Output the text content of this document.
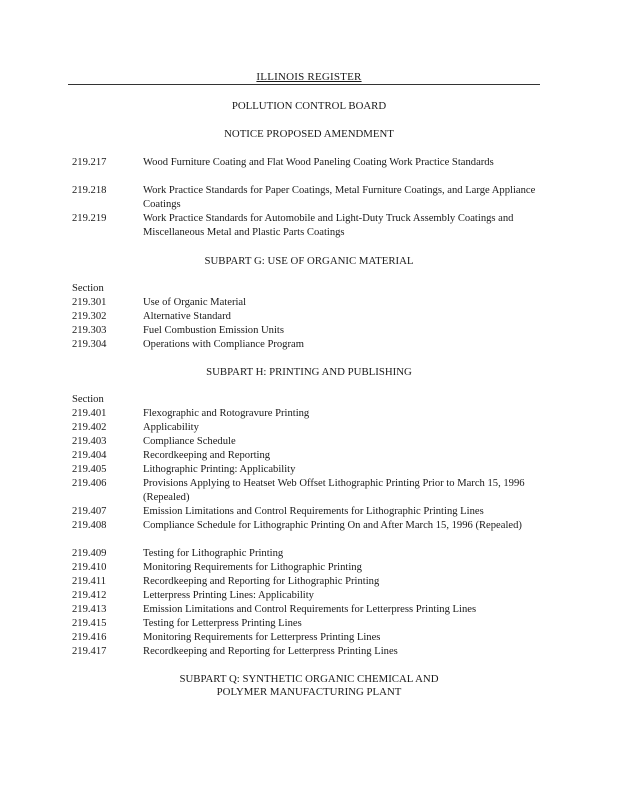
ILLINOIS REGISTER
POLLUTION CONTROL BOARD
NOTICE PROPOSED AMENDMENT
219.217	Wood Furniture Coating and Flat Wood Paneling Coating Work Practice Standards
219.218	Work Practice Standards for Paper Coatings, Metal Furniture Coatings, and Large Appliance Coatings
219.219	Work Practice Standards for Automobile and Light-Duty Truck Assembly Coatings and Miscellaneous Metal and Plastic Parts Coatings
SUBPART G: USE OF ORGANIC MATERIAL
Section
219.301	Use of Organic Material
219.302	Alternative Standard
219.303	Fuel Combustion Emission Units
219.304	Operations with Compliance Program
SUBPART H: PRINTING AND PUBLISHING
Section
219.401	Flexographic and Rotogravure Printing
219.402	Applicability
219.403	Compliance Schedule
219.404	Recordkeeping and Reporting
219.405	Lithographic Printing: Applicability
219.406	Provisions Applying to Heatset Web Offset Lithographic Printing Prior to March 15, 1996 (Repealed)
219.407	Emission Limitations and Control Requirements for Lithographic Printing Lines
219.408	Compliance Schedule for Lithographic Printing On and After March 15, 1996 (Repealed)
219.409	Testing for Lithographic Printing
219.410	Monitoring Requirements for Lithographic Printing
219.411	Recordkeeping and Reporting for Lithographic Printing
219.412	Letterpress Printing Lines: Applicability
219.413	Emission Limitations and Control Requirements for Letterpress Printing Lines
219.415	Testing for Letterpress Printing Lines
219.416	Monitoring Requirements for Letterpress Printing Lines
219.417	Recordkeeping and Reporting for Letterpress Printing Lines
SUBPART Q: SYNTHETIC ORGANIC CHEMICAL AND
POLYMER MANUFACTURING PLANT
